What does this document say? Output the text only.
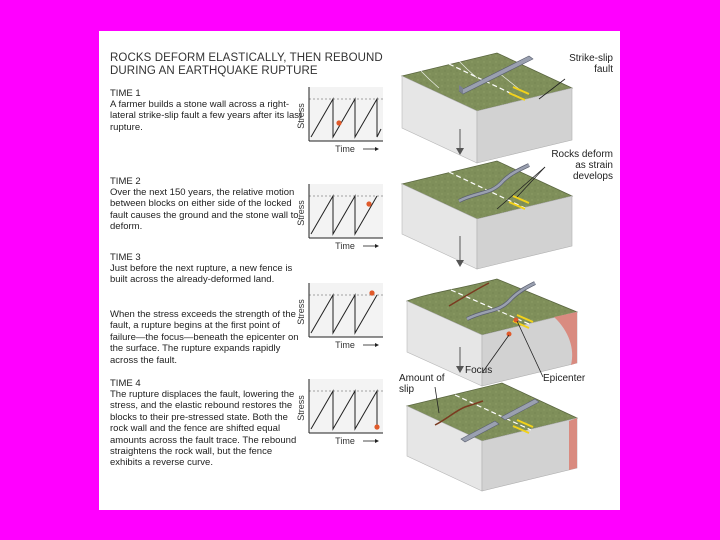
ROCKS DEFORM ELASTICALLY, THEN REBOUND DURING AN EARTHQUAKE RUPTURE
TIME 1
A farmer builds a stone wall across a right-lateral strike-slip fault a few years after its last rupture.
TIME 2
Over the next 150 years, the relative motion between blocks on either side of the locked fault causes the ground and the stone wall to deform.
TIME 3
Just before the next rupture, a new fence is built across the already-deformed land.
When the stress exceeds the strength of the fault, a rupture begins at the first point of failure—the focus—beneath the epicenter on the surface. The rupture expands rapidly across the fault.
TIME 4
The rupture displaces the fault, lowering the stress, and the elastic rebound restores the blocks to their pre-stressed state. Both the rock wall and the fence are shifted equal amounts across the fault trace. The rebound straightens the rock wall, but the fence exhibits a reverse curve.
Stress
Time
Stress
Time
Stress
Time
Stress
Time
Strike-slip fault
Rocks deform as strain develops
Focus
Epicenter
Amount of slip
